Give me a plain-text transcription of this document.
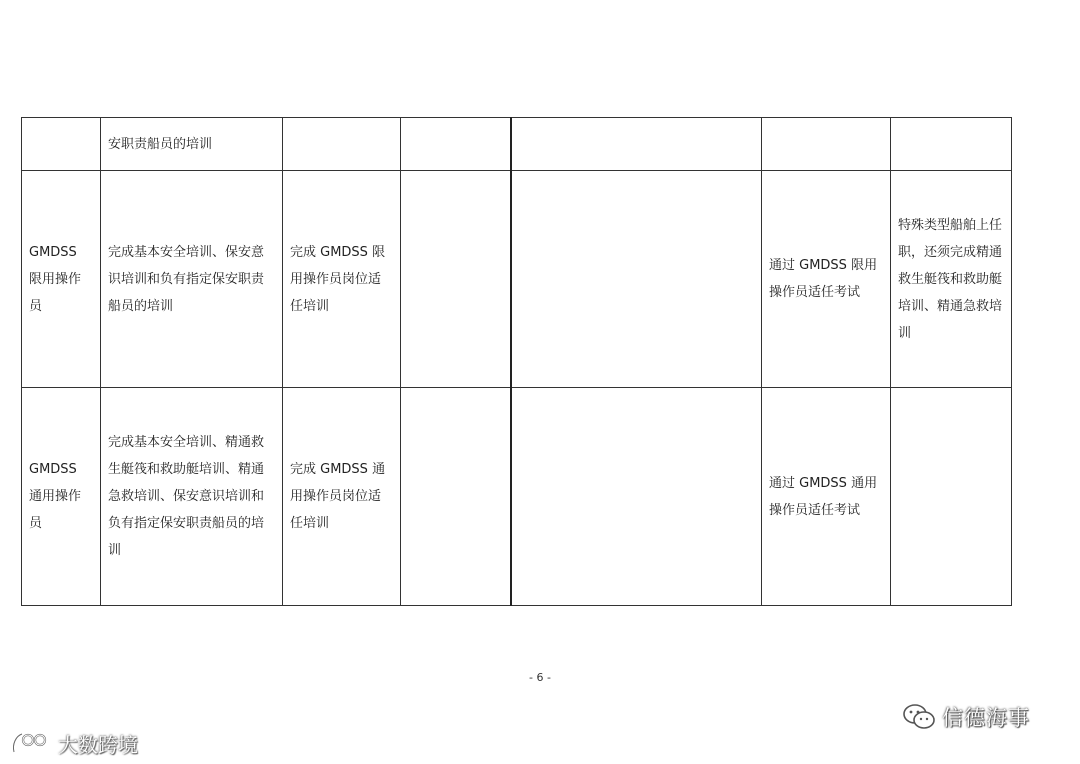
	安职责船员的培训					
GMDSS 限用操作员	完成基本安全培训、保安意识培训和负有指定保安职责船员的培训	完成 GMDSS 限用操作员岗位适任培训			通过 GMDSS 限用操作员适任考试	特殊类型船舶上任职，还须完成精通救生艇筏和救助艇培训、精通急救培训
GMDSS 通用操作员	完成基本安全培训、精通救生艇筏和救助艇培训、精通急救培训、保安意识培训和负有指定保安职责船员的培训	完成 GMDSS 通用操作员岗位适任培训			通过 GMDSS 通用操作员适任考试	
- 6 -
信德海事
大数跨境
